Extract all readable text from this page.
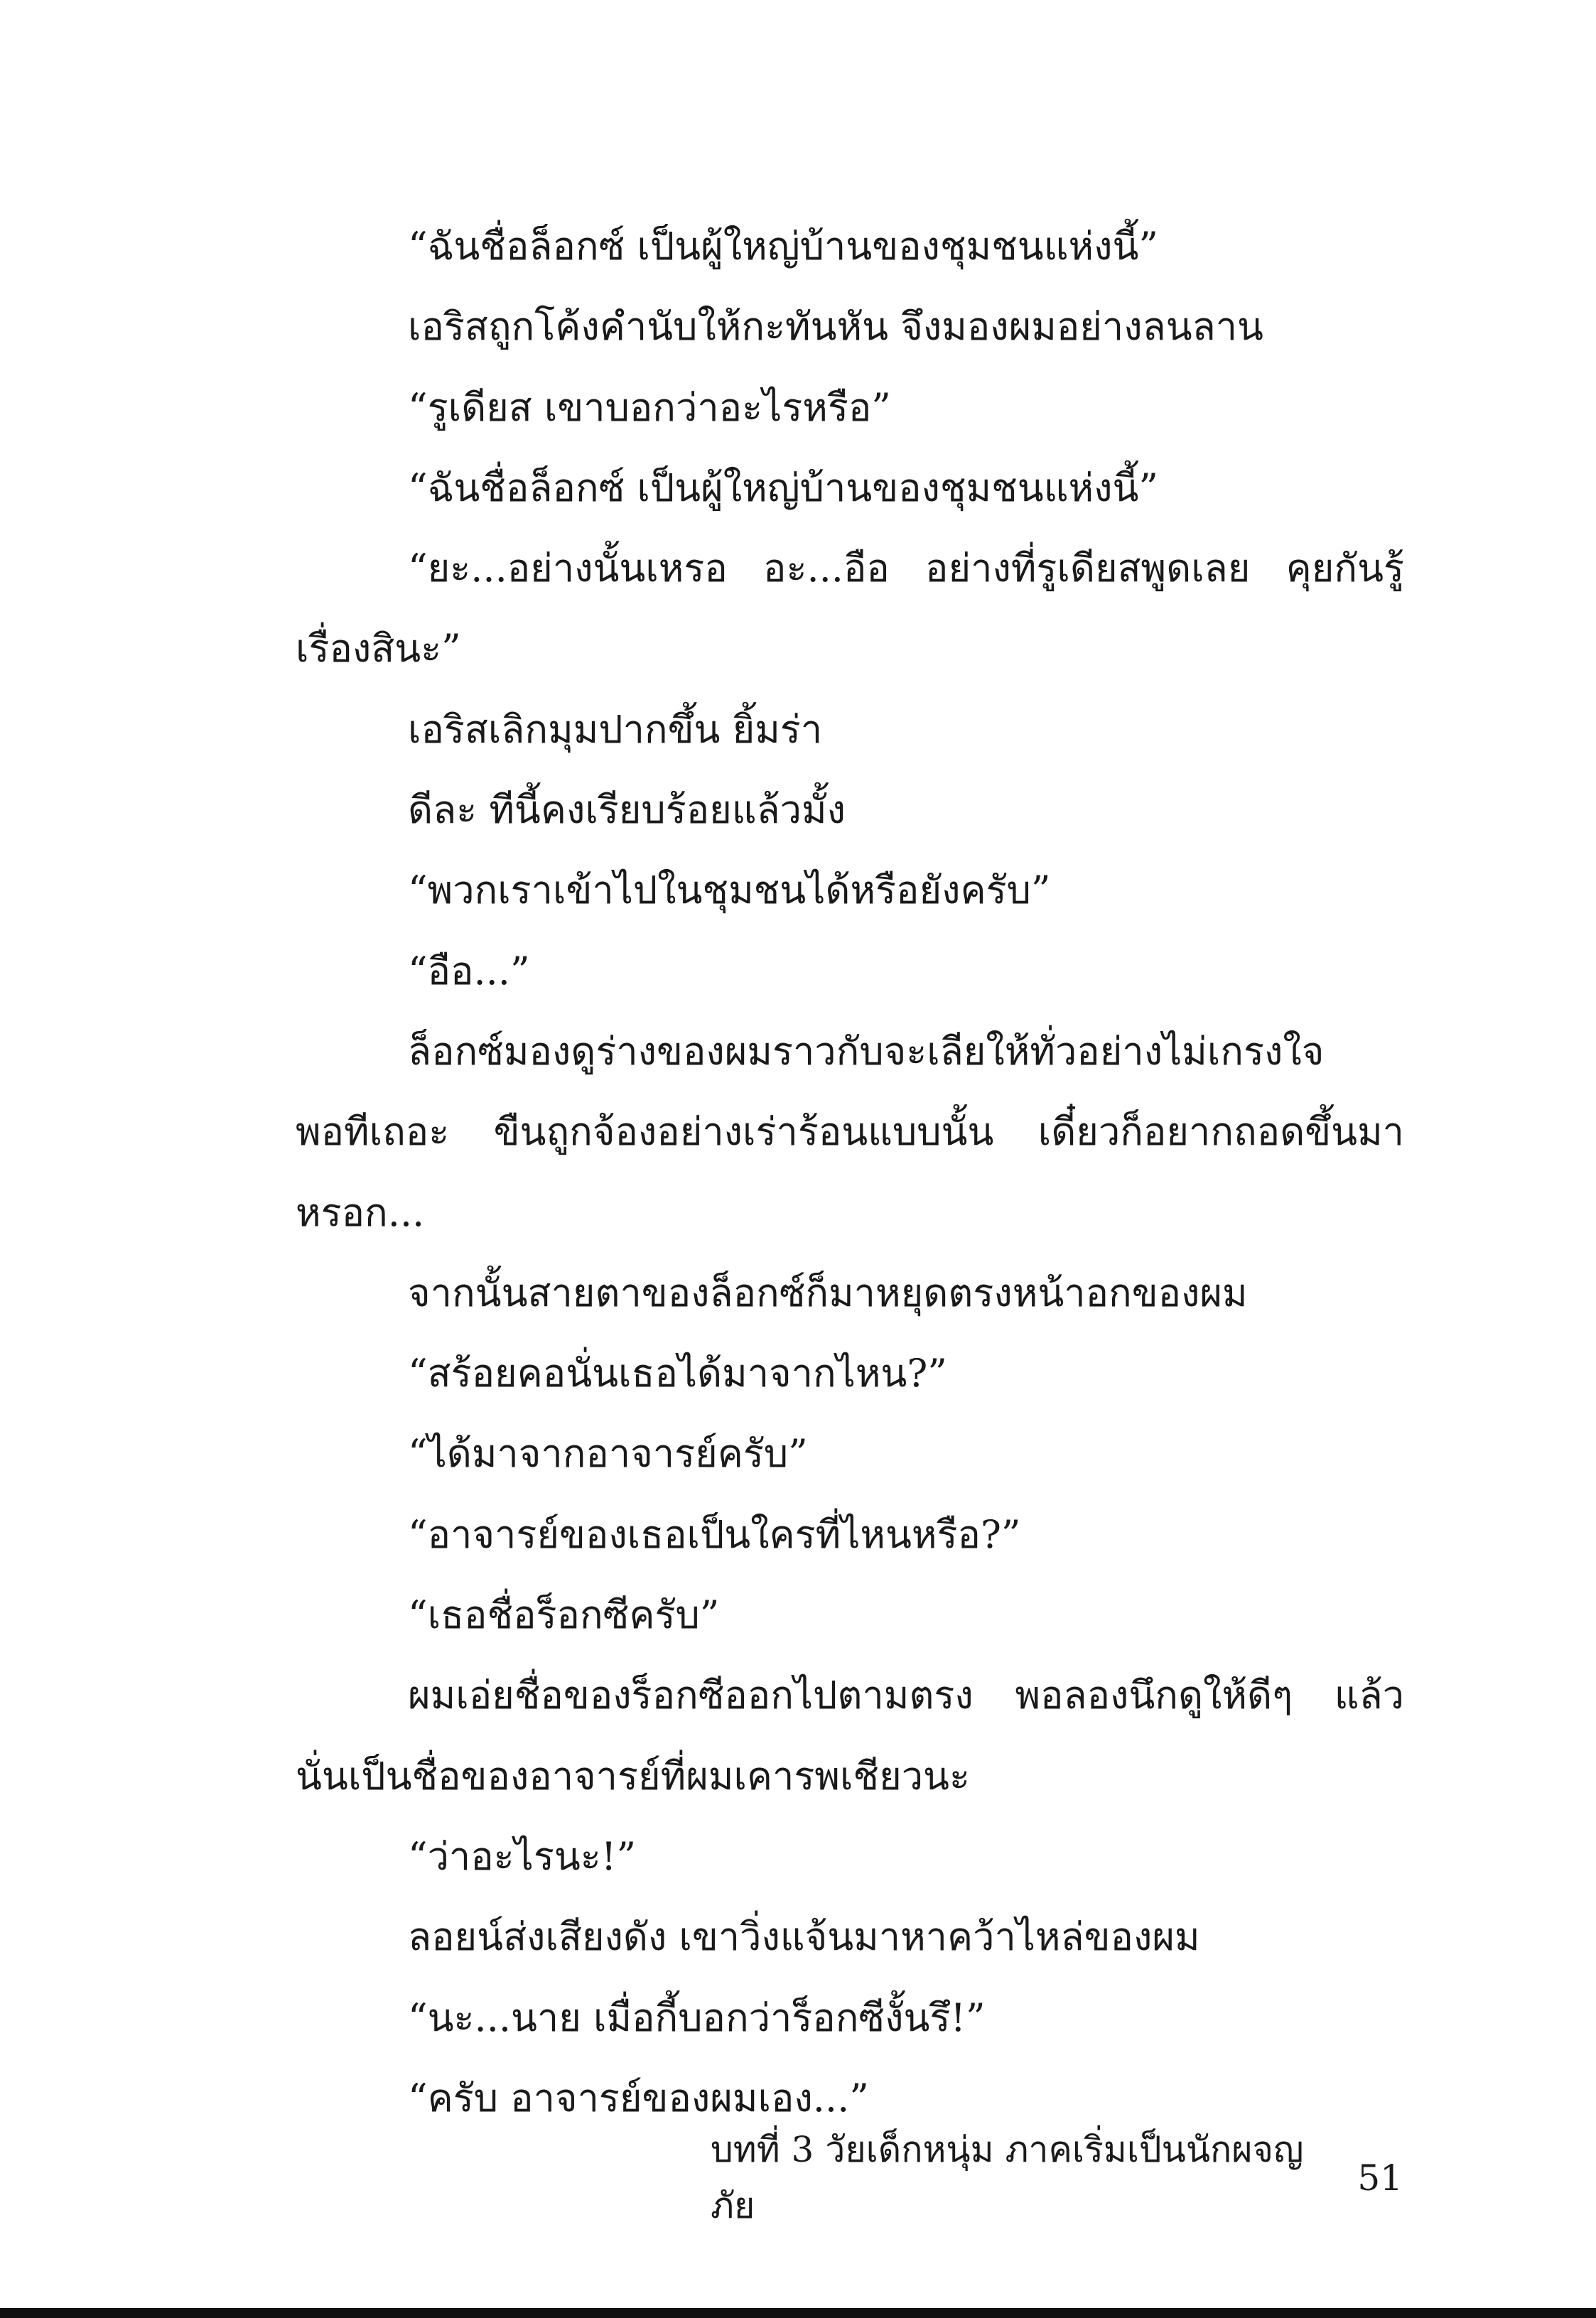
“ฉันชื่อล็อกซ์ เป็นผู้ใหญ่บ้านของชุมชนแห่งนี้”

เอริสถูกโค้งคำนับให้กะทันหัน จึงมองผมอย่างลนลาน

“รูเดียส เขาบอกว่าอะไรหรือ”

“ฉันชื่อล็อกซ์ เป็นผู้ใหญ่บ้านของชุมชนแห่งนี้”

“ยะ...อย่างนั้นเหรอ อะ...อือ อย่างที่รูเดียสพูดเลย คุยกันรู้เรื่องสินะ”

เอริสเลิกมุมปากขึ้น ยิ้มร่า

ดีละ ทีนี้คงเรียบร้อยแล้วมั้ง

“พวกเราเข้าไปในชุมชนได้หรือยังครับ”

“อือ...”

ล็อกซ์มองดูร่างของผมราวกับจะเลียให้ทั่วอย่างไม่เกรงใจ พอทีเถอะ ขืนถูกจ้องอย่างเร่าร้อนแบบนั้น เดี๋ยวก็อยากถอดขึ้นมาหรอก...

จากนั้นสายตาของล็อกซ์ก็มาหยุดตรงหน้าอกของผม

“สร้อยคอนั่นเธอได้มาจากไหน?”

“ได้มาจากอาจารย์ครับ”

“อาจารย์ของเธอเป็นใครที่ไหนหรือ?”

“เธอชื่อร็อกซีครับ”

ผมเอ่ยชื่อของร็อกซีออกไปตามตรง พอลองนึกดูให้ดีๆ แล้ว นั่นเป็นชื่อของอาจารย์ที่ผมเคารพเชียวนะ

“ว่าอะไรนะ!”

ลอยน์ส่งเสียงดัง เขาวิ่งแจ้นมาหาคว้าไหล่ของผม

“นะ...นาย เมื่อกี้บอกว่าร็อกซีงั้นรึ!”

“ครับ อาจารย์ของผมเอง...”

บทที่ 3 วัยเด็กหนุ่ม ภาคเริ่มเป็นนักผจญภัย
51
